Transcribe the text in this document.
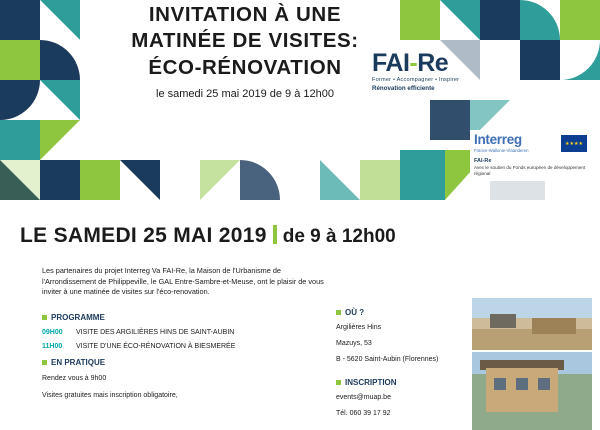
INVITATION À UNE
MATINÉE DE VISITES:
ÉCO-RÉNOVATION
le samedi 25 mai 2019 de 9 à 12h00
FAI-Re
Former • Accompagner • Inspirer
Rénovation efficiente
★★★★
Interreg
France-Wallonie-Vlaanderen
FAI-Re
Avec le soutien du Fonds européen de développement régional
LE SAMEDI 25 MAI 2019 de 9 à 12h00
Les partenaires du projet Interreg Va FAI-Re, la Maison de l'Urbanisme de l'Arrondissement de Philippeville, le GAL Entre-Sambre-et-Meuse, ont le plaisir de vous inviter à une matinée de visites sur l'éco-renovation.
PROGRAMME
09H00 VISITE DES ARGILIÈRES HINS DE SAINT-AUBIN
11H00 VISITE D'UNE ÉCO-RÉNOVATION À BIESMERÉE
EN PRATIQUE
Rendez vous à 9h00
Visites gratuites mais inscription obligatoire,
OÙ ?
Argilières Hins
Mazuys, 53
B - 5620 Saint-Aubin (Florennes)
INSCRIPTION
events@muap.be
Tél. 060 39 17 92
